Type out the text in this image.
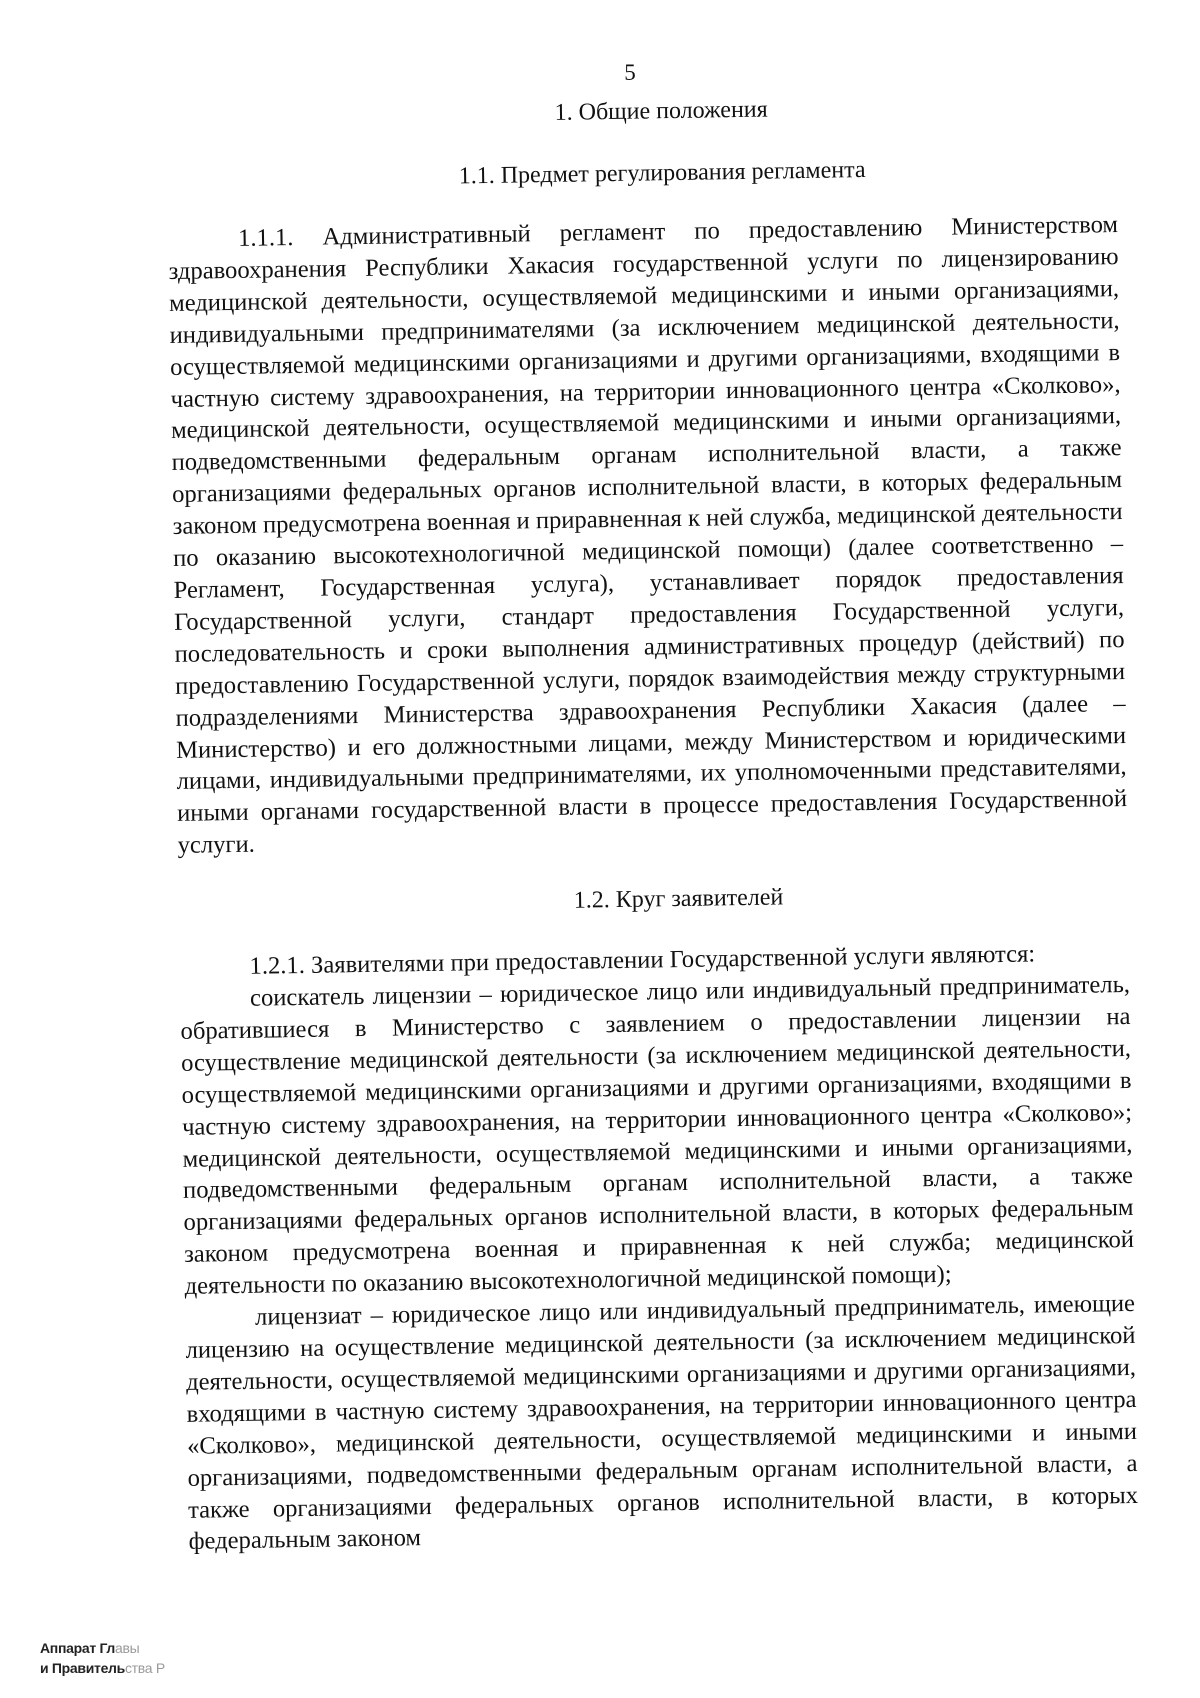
5
1. Общие положения
1.1. Предмет регулирования регламента

1.1.1. Административный регламент по предоставлению Министерством здравоохранения Республики Хакасия государственной услуги по лицензированию медицинской деятельности, осуществляемой медицинскими и иными организациями, индивидуальными предпринимателями (за исключением медицинской деятельности, осуществляемой медицинскими организациями и другими организациями, входящими в частную систему здравоохранения, на территории инновационного центра «Сколково», медицинской деятельности, осуществляемой медицинскими и иными организациями, подведомственными федеральным органам исполнительной власти, а также организациями федеральных органов исполнительной власти, в которых федеральным законом предусмотрена военная и приравненная к ней служба, медицинской деятельности по оказанию высокотехнологичной медицинской помощи) (далее соответственно – Регламент, Государственная услуга), устанавливает порядок предоставления Государственной услуги, стандарт предоставления Государственной услуги, последовательность и сроки выполнения административных процедур (действий) по предоставлению Государственной услуги, порядок взаимодействия между структурными подразделениями Министерства здравоохранения Республики Хакасия (далее – Министерство) и его должностными лицами, между Министерством и юридическими лицами, индивидуальными предпринимателями, их уполномоченными представителями, иными органами государственной власти в процессе предоставления Государственной услуги.

1.2. Круг заявителей

1.2.1. Заявителями при предоставлении Государственной услуги являются:

соискатель лицензии – юридическое лицо или индивидуальный предприниматель, обратившиеся в Министерство с заявлением о предоставлении лицензии на осуществление медицинской деятельности (за исключением медицинской деятельности, осуществляемой медицинскими организациями и другими организациями, входящими в частную систему здравоохранения, на территории инновационного центра «Сколково»; медицинской деятельности, осуществляемой медицинскими и иными организациями, подведомственными федеральным органам исполнительной власти, а также организациями федеральных органов исполнительной власти, в которых федеральным законом предусмотрена военная и приравненная к ней служба; медицинской деятельности по оказанию высокотехнологичной медицинской помощи);

лицензиат – юридическое лицо или индивидуальный предприниматель, имеющие лицензию на осуществление медицинской деятельности (за исключением медицинской деятельности, осуществляемой медицинскими организациями и другими организациями, входящими в частную систему здравоохранения, на территории инновационного центра «Сколково», медицинской деятельности, осуществляемой медицинскими и иными организациями, подведомственными федеральным органам исполнительной власти, а также организациями федеральных органов исполнительной власти, в которых федеральным законом

Аппарат Главы
и Правительства Р
